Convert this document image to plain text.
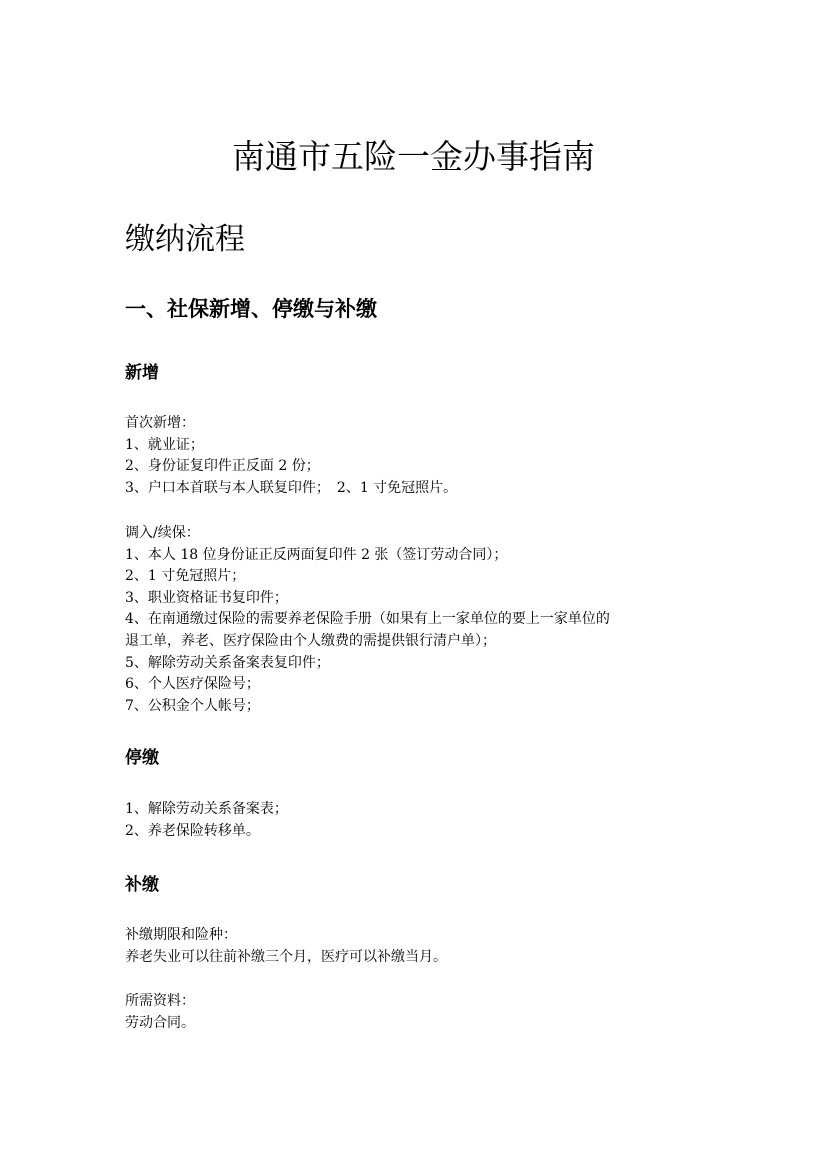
南通市五险一金办事指南
缴纳流程
一、社保新增、停缴与补缴
新增
首次新增：
1、就业证；
2、身份证复印件正反面 2 份；
3、户口本首联与本人联复印件；　2、1 寸免冠照片。
调入/续保：
1、本人 18 位身份证正反两面复印件 2 张（签订劳动合同）；
2、1 寸免冠照片；
3、职业资格证书复印件；
4、在南通缴过保险的需要养老保险手册（如果有上一家单位的要上一家单位的
退工单，养老、医疗保险由个人缴费的需提供银行清户单）；
5、解除劳动关系备案表复印件；
6、个人医疗保险号；
7、公积金个人帐号；
停缴
1、解除劳动关系备案表；
2、养老保险转移单。
补缴
补缴期限和险种：
养老失业可以往前补缴三个月，医疗可以补缴当月。
所需资料：
劳动合同。
